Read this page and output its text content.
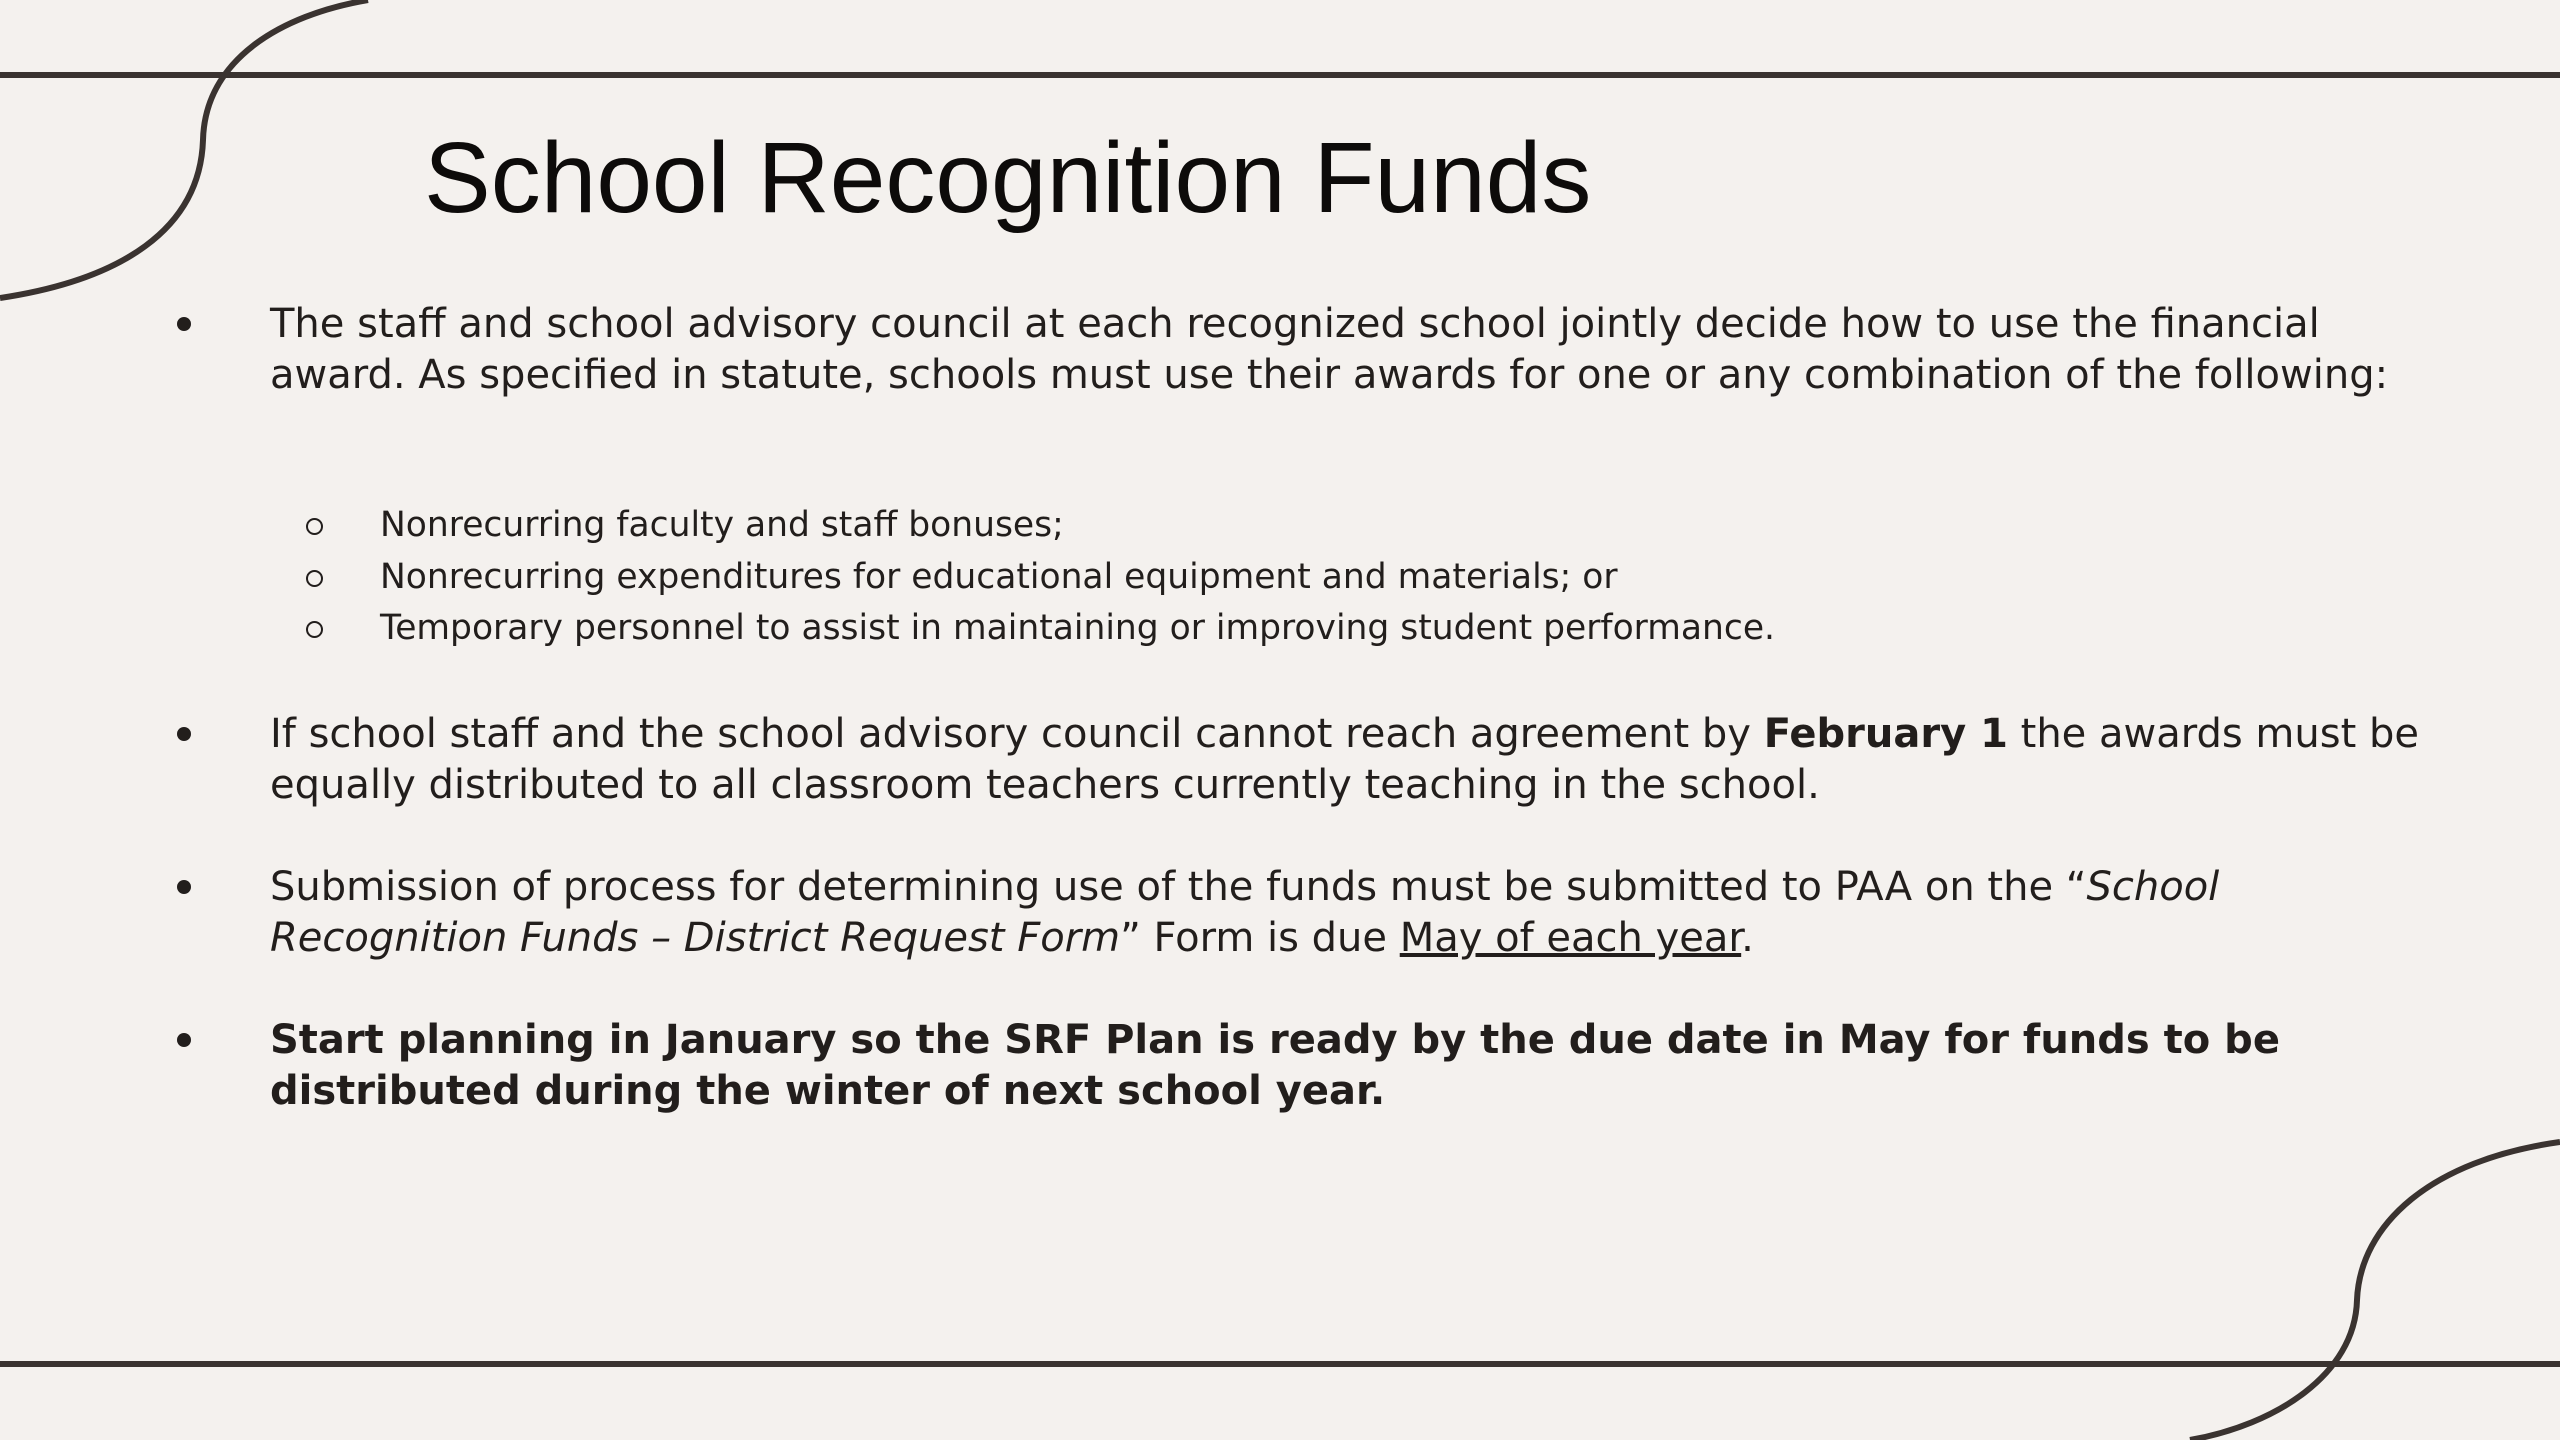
School Recognition Funds
The staff and school advisory council at each recognized school jointly decide how to use the financial award. As specified in statute, schools must use their awards for one or any combination of the following:
Nonrecurring faculty and staff bonuses;
Nonrecurring expenditures for educational equipment and materials; or
Temporary personnel to assist in maintaining or improving student performance.
If school staff and the school advisory council cannot reach agreement by February 1 the awards must be equally distributed to all classroom teachers currently teaching in the school.
Submission of process for determining use of the funds must be submitted to PAA on the “School Recognition Funds – District Request Form” Form is due May of each year.
Start planning in January so the SRF Plan is ready by the due date in May for funds to be distributed during the winter of next school year.
